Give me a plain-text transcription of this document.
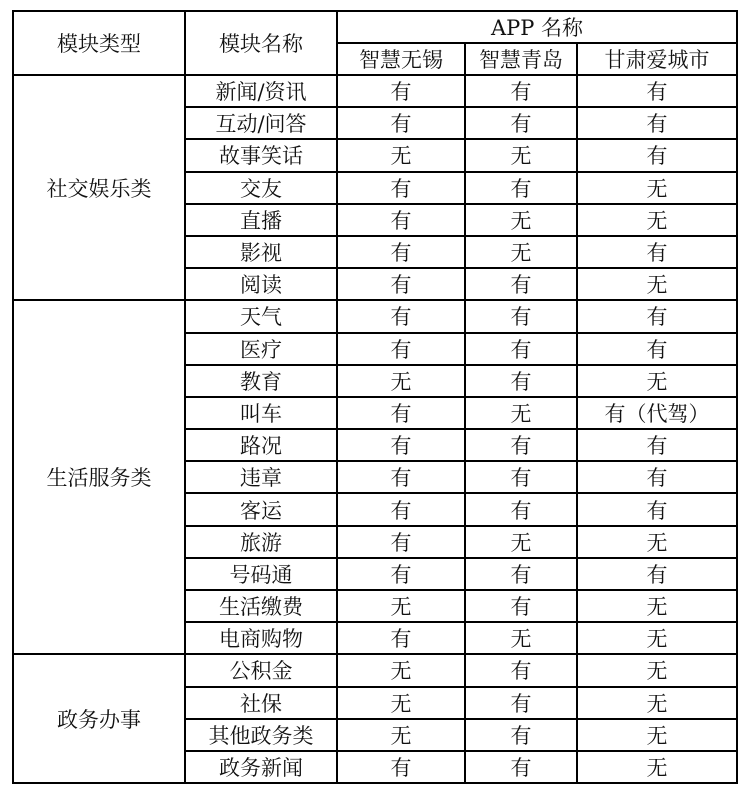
模块类型	模块名称	APP 名称		
		智慧无锡	智慧青岛	甘肃爱城市
社交娱乐类	新闻/资讯	有	有	有
	互动/问答	有	有	有
	故事笑话	无	无	有
	交友	有	有	无
	直播	有	无	无
	影视	有	无	有
	阅读	有	有	无
生活服务类	天气	有	有	有
	医疗	有	有	有
	教育	无	有	无
	叫车	有	无	有（代驾）
	路况	有	有	有
	违章	有	有	有
	客运	有	有	有
	旅游	有	无	无
	号码通	有	有	有
	生活缴费	无	有	无
	电商购物	有	无	无
政务办事	公积金	无	有	无
	社保	无	有	无
	其他政务类	无	有	无
	政务新闻	有	有	无
